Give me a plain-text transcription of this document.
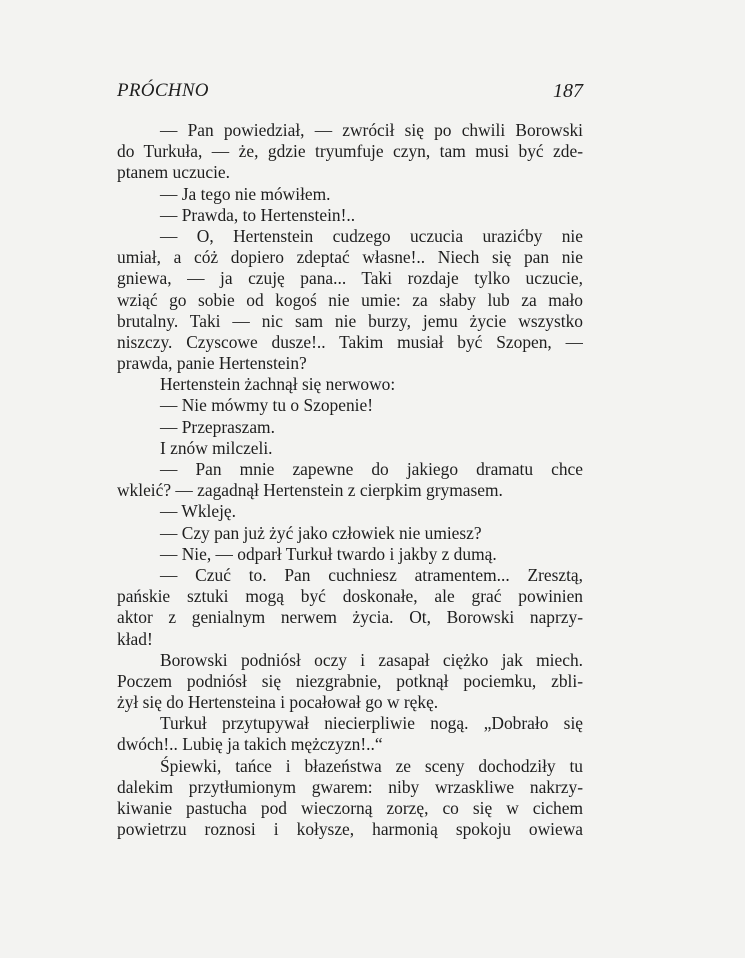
PRÓCHNO	187
— Pan powiedział, — zwrócił się po chwili Borowski
do Turkuła, — że, gdzie tryumfuje czyn, tam musi być zde-
ptanem uczucie.
— Ja tego nie mówiłem.
— Prawda, to Hertenstein!..
— O, Hertenstein cudzego uczucia urazićby nie
umiał, a cóż dopiero zdeptać własne!.. Niech się pan nie
gniewa, — ja czuję pana... Taki rozdaje tylko uczucie,
wziąć go sobie od kogoś nie umie: za słaby lub za mało
brutalny. Taki — nic sam nie burzy, jemu życie wszystko
niszczy. Czyscowe dusze!.. Takim musiał być Szopen, —
prawda, panie Hertenstein?
Hertenstein żachnął się nerwowo:
— Nie mówmy tu o Szopenie!
— Przepraszam.
I znów milczeli.
— Pan mnie zapewne do jakiego dramatu chce
wkleić? — zagadnął Hertenstein z cierpkim grymasem.
— Wkleję.
— Czy pan już żyć jako człowiek nie umiesz?
— Nie, — odparł Turkuł twardo i jakby z dumą.
— Czuć to. Pan cuchniesz atramentem... Zresztą,
pańskie sztuki mogą być doskonałe, ale grać powinien
aktor z genialnym nerwem życia. Ot, Borowski naprzy-
kład!
Borowski podniósł oczy i zasapał ciężko jak miech.
Poczem podniósł się niezgrabnie, potknął pociemku, zbli-
żył się do Hertensteina i pocałował go w rękę.
Turkuł przytupywał niecierpliwie nogą. „Dobrało się
dwóch!.. Lubię ja takich mężczyzn!..“
Śpiewki, tańce i błazeństwa ze sceny dochodziły tu
dalekim przytłumionym gwarem: niby wrzaskliwe nakrzy-
kiwanie pastucha pod wieczorną zorzę, co się w cichem
powietrzu roznosi i kołysze, harmonią spokoju owiewa
